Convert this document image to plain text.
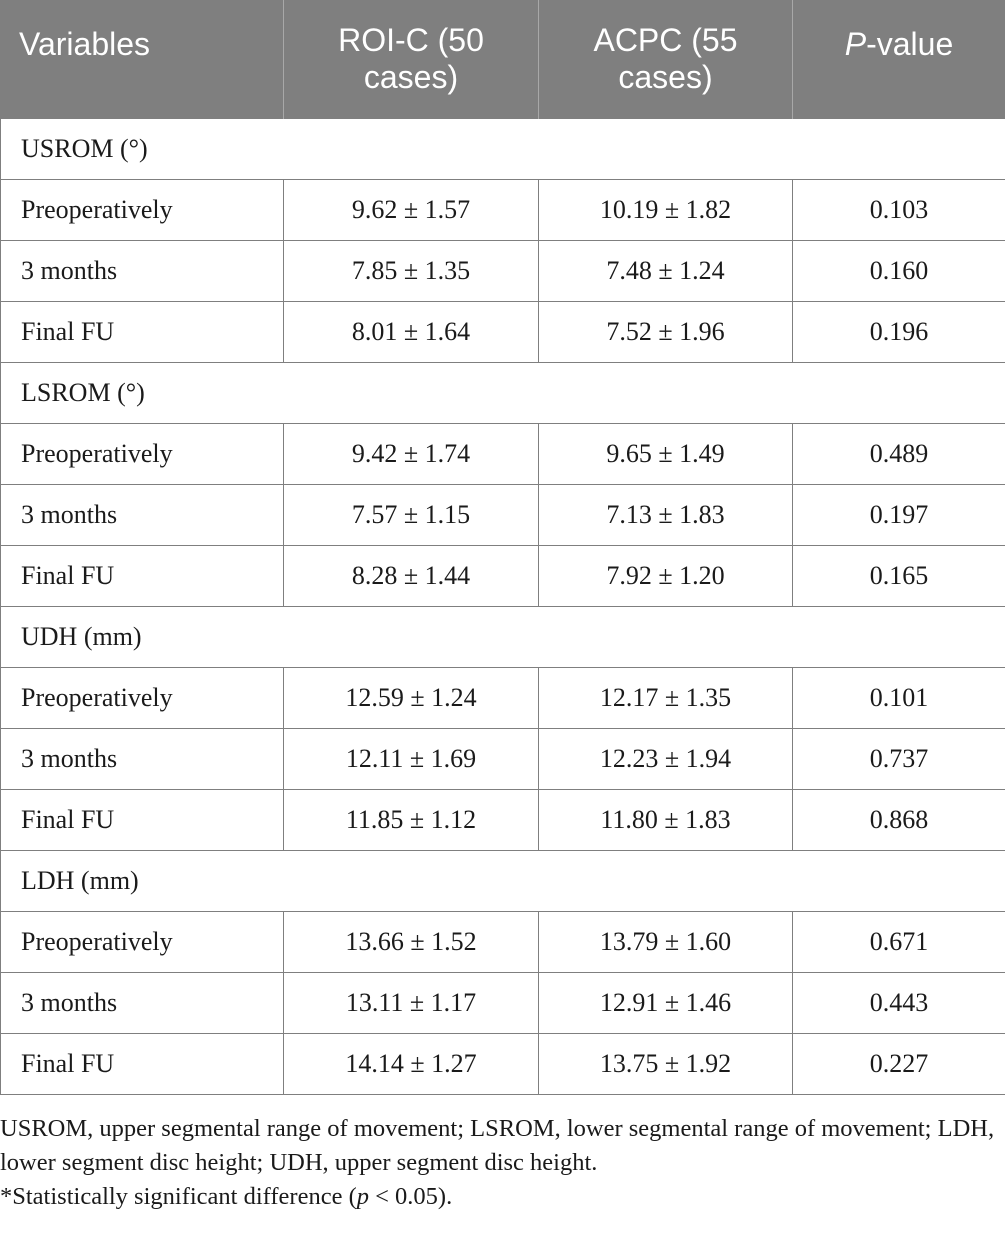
Variables	ROI-C (50 cases)	ACPC (55 cases)	P-value
USROM (°)			
Preoperatively	9.62 ± 1.57	10.19 ± 1.82	0.103
3 months	7.85 ± 1.35	7.48 ± 1.24	0.160
Final FU	8.01 ± 1.64	7.52 ± 1.96	0.196
LSROM (°)			
Preoperatively	9.42 ± 1.74	9.65 ± 1.49	0.489
3 months	7.57 ± 1.15	7.13 ± 1.83	0.197
Final FU	8.28 ± 1.44	7.92 ± 1.20	0.165
UDH (mm)			
Preoperatively	12.59 ± 1.24	12.17 ± 1.35	0.101
3 months	12.11 ± 1.69	12.23 ± 1.94	0.737
Final FU	11.85 ± 1.12	11.80 ± 1.83	0.868
LDH (mm)			
Preoperatively	13.66 ± 1.52	13.79 ± 1.60	0.671
3 months	13.11 ± 1.17	12.91 ± 1.46	0.443
Final FU	14.14 ± 1.27	13.75 ± 1.92	0.227

USROM, upper segmental range of movement; LSROM, lower segmental range of movement; LDH, lower segment disc height; UDH, upper segment disc height.

*Statistically significant difference (p < 0.05).
